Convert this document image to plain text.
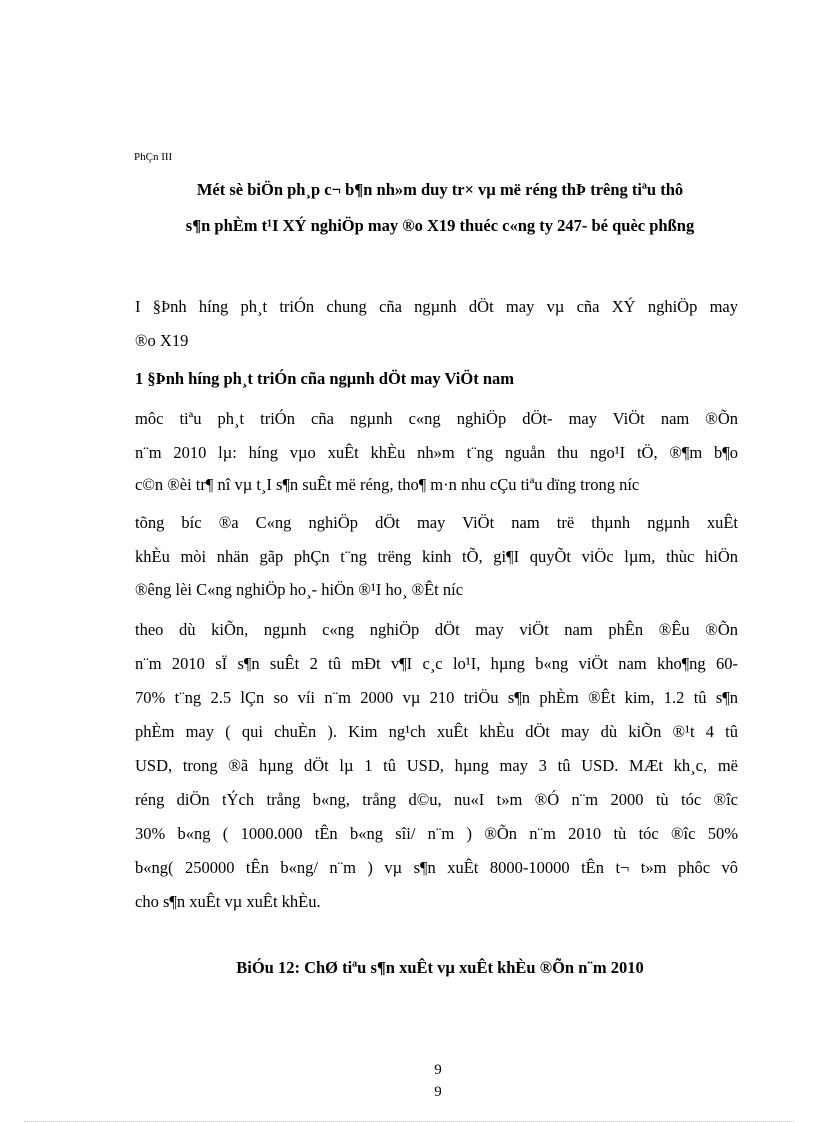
PhÇn III
Mét sè biÖn ph¸p c¬ b¶n nh»m duy tr× vµ më réng thÞ trêng tiªu thô
s¶n phÈm t¹I XÝ nghiÖp may ®o X19 thuéc c«ng ty 247- bé quèc phßng
I §Þnh híng ph¸t triÓn chung cña ngµnh dÖt may vµ cña XÝ nghiÖp may
®o X19
1 §Þnh híng ph¸t triÓn cña ngµnh dÖt may ViÖt nam
môc tiªu ph¸t triÓn cña ngµnh c«ng nghiÖp dÖt- may ViÖt nam ®Õn
n¨m 2010 lµ: híng vµo xuÊt khÈu nh»m t¨ng nguån thu ngo¹I tÖ, ®¶m b¶o
c©n ®èi tr¶ nî vµ t¸I s¶n suÊt më réng, tho¶ m·n nhu cÇu tiªu dïng trong níc
tõng bíc ®a C«ng nghiÖp dÖt may ViÖt nam trë thµnh ngµnh xuÊt
khÈu mòi nhän gãp phÇn t¨ng trëng kinh tÕ, gi¶I quyÕt viÖc lµm, thùc hiÖn
®êng lèi C«ng nghiÖp ho¸- hiÖn ®¹I ho¸ ®Êt níc
theo dù kiÕn, ngµnh c«ng nghiÖp dÖt may viÖt nam phÊn ®Êu ®Õn
n¨m 2010 sÏ s¶n suÊt 2 tû mÐt v¶I c¸c lo¹I, hµng b«ng viÖt nam kho¶ng 60-
70% t¨ng 2.5 lÇn so víi n¨m 2000 vµ 210 triÖu s¶n phÈm ®Êt kim, 1.2 tû s¶n
phÈm may ( qui chuÈn ). Kim ng¹ch xuÊt khÈu dÖt may dù kiÕn ®¹t 4 tû
USD, trong ®ã hµng dÖt lµ 1 tû USD, hµng may 3 tû USD. MÆt kh¸c, më
réng diÖn tÝch trång b«ng, trång d©u, nu«I t»m ®Ó n¨m 2000 tù tóc ®îc
30% b«ng ( 1000.000 tÊn b«ng sîi/ n¨m ) ®Õn n¨m 2010 tù tóc ®îc 50%
b«ng( 250000 tÊn b«ng/ n¨m ) vµ s¶n xuÊt 8000-10000 tÊn t¬ t»m phôc vô
cho s¶n xuÊt vµ xuÊt khÈu.
BiÓu 12: ChØ tiªu s¶n xuÊt vµ xuÊt khÈu ®Õn n¨m 2010
9
9
